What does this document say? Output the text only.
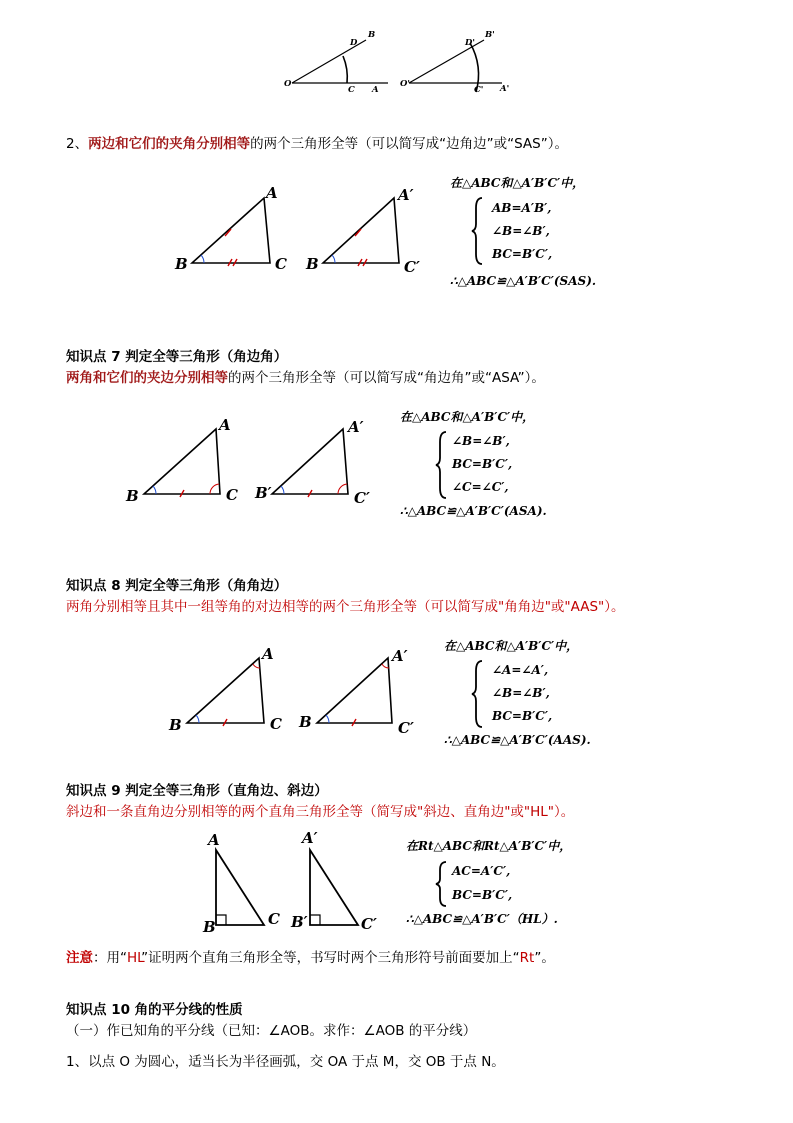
O
C A
D
B
O'
C' A'
D'
B'
2、两边和它们的夹角分别相等的两个三角形全等（可以简写成“边角边”或“SAS”）。
A
B	C
A′
B	C′
在△ABC和△A′B′C′中，
AB=A′B′,
∠B=∠B′,
BC=B′C′,
∴△ABC≌△A′B′C′(SAS).
知识点 7 判定全等三角形（角边角）
两角和它们的夹边分别相等的两个三角形全等（可以简写成“角边角”或“ASA”）。
A
B	C
A′
B′	C′
在△ABC和△A′B′C′中，
∠B=∠B′,
BC=B′C′,
∠C=∠C′,
∴△ABC≌△A′B′C′(ASA).
知识点 8 判定全等三角形（角角边）
两角分别相等且其中一组等角的对边相等的两个三角形全等（可以简写成"角角边"或"AAS"）。
A
B	C
A′
B	C′
在△ABC和△A′B′C′中，
∠A=∠A′,
∠B=∠B′,
BC=B′C′,
∴△ABC≌△A′B′C′(AAS).
知识点 9 判定全等三角形（直角边、斜边）
斜边和一条直角边分别相等的两个直角三角形全等（简写成"斜边、直角边"或"HL"）。
A
B	C
A′
B′	C′
在Rt△ABC和Rt△A′B′C′中，
AC=A′C′,
BC=B′C′,
∴△ABC≌△A′B′C′（HL）.
注意：用“HL”证明两个直角三角形全等，书写时两个三角形符号前面要加上“Rt”。
知识点 10 角的平分线的性质
（一）作已知角的平分线（已知：∠AOB。求作：∠AOB 的平分线）
1、以点 O 为圆心，适当长为半径画弧，交 OA 于点 M，交 OB 于点 N。
